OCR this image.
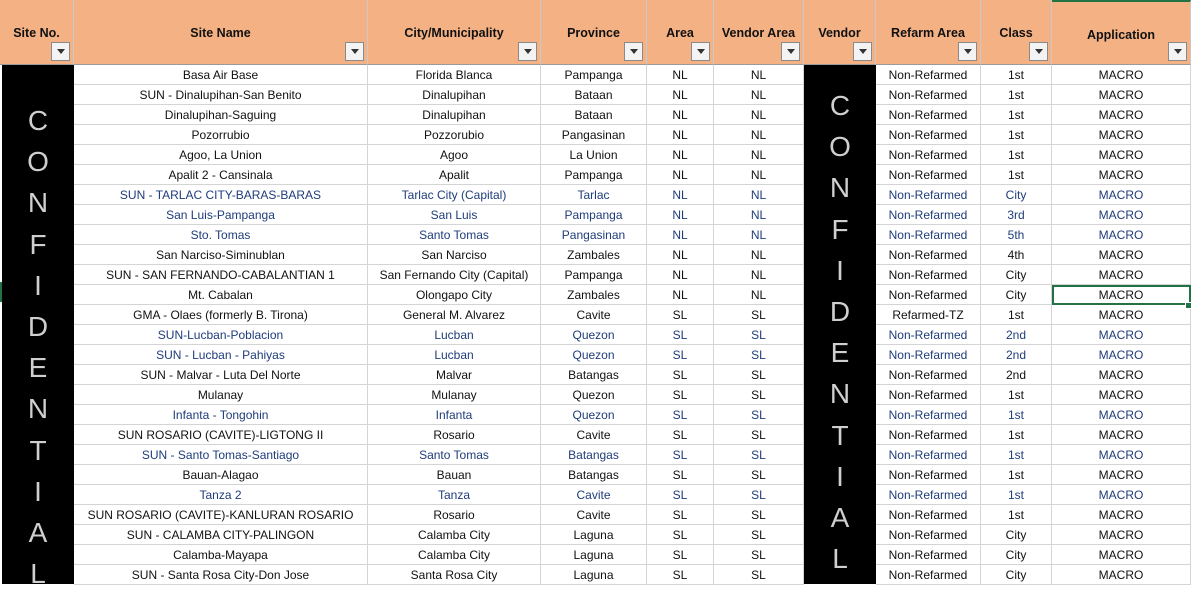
Site No.	Site Name	City/Municipality	Province	Area	Vendor Area	Vendor	Refarm Area	Class	Application
Basa Air Base	Florida Blanca	Pampanga	NL	NL	Non-Refarmed	1st	MACRO
SUN - Dinalupihan-San Benito	Dinalupihan	Bataan	NL	NL	Non-Refarmed	1st	MACRO
Dinalupihan-Saguing	Dinalupihan	Bataan	NL	NL	Non-Refarmed	1st	MACRO
Pozorrubio	Pozzorubio	Pangasinan	NL	NL	Non-Refarmed	1st	MACRO
Agoo, La Union	Agoo	La Union	NL	NL	Non-Refarmed	1st	MACRO
Apalit 2 - Cansinala	Apalit	Pampanga	NL	NL	Non-Refarmed	1st	MACRO
SUN - TARLAC CITY-BARAS-BARAS	Tarlac City (Capital)	Tarlac	NL	NL	Non-Refarmed	City	MACRO
San Luis-Pampanga	San Luis	Pampanga	NL	NL	Non-Refarmed	3rd	MACRO
Sto. Tomas	Santo Tomas	Pangasinan	NL	NL	Non-Refarmed	5th	MACRO
San Narciso-Siminublan	San Narciso	Zambales	NL	NL	Non-Refarmed	4th	MACRO
SUN - SAN FERNANDO-CABALANTIAN 1	San Fernando City (Capital)	Pampanga	NL	NL	Non-Refarmed	City	MACRO
Mt. Cabalan	Olongapo City	Zambales	NL	NL	Non-Refarmed	City	MACRO
GMA - Olaes (formerly B. Tirona)	General M. Alvarez	Cavite	SL	SL	Refarmed-TZ	1st	MACRO
SUN-Lucban-Poblacion	Lucban	Quezon	SL	SL	Non-Refarmed	2nd	MACRO
SUN - Lucban - Pahiyas	Lucban	Quezon	SL	SL	Non-Refarmed	2nd	MACRO
SUN - Malvar - Luta Del Norte	Malvar	Batangas	SL	SL	Non-Refarmed	2nd	MACRO
Mulanay	Mulanay	Quezon	SL	SL	Non-Refarmed	1st	MACRO
Infanta - Tongohin	Infanta	Quezon	SL	SL	Non-Refarmed	1st	MACRO
SUN ROSARIO (CAVITE)-LIGTONG II	Rosario	Cavite	SL	SL	Non-Refarmed	1st	MACRO
SUN - Santo Tomas-Santiago	Santo Tomas	Batangas	SL	SL	Non-Refarmed	1st	MACRO
Bauan-Alagao	Bauan	Batangas	SL	SL	Non-Refarmed	1st	MACRO
Tanza 2	Tanza	Cavite	SL	SL	Non-Refarmed	1st	MACRO
SUN ROSARIO (CAVITE)-KANLURAN ROSARIO	Rosario	Cavite	SL	SL	Non-Refarmed	1st	MACRO
SUN - CALAMBA CITY-PALINGON	Calamba City	Laguna	SL	SL	Non-Refarmed	City	MACRO
Calamba-Mayapa	Calamba City	Laguna	SL	SL	Non-Refarmed	City	MACRO
SUN - Santa Rosa City-Don Jose	Santa Rosa City	Laguna	SL	SL	Non-Refarmed	City	MACRO
C
O
N
F
I
D
E
N
T
I
A
L
C
O
N
F
I
D
E
N
T
I
A
L
